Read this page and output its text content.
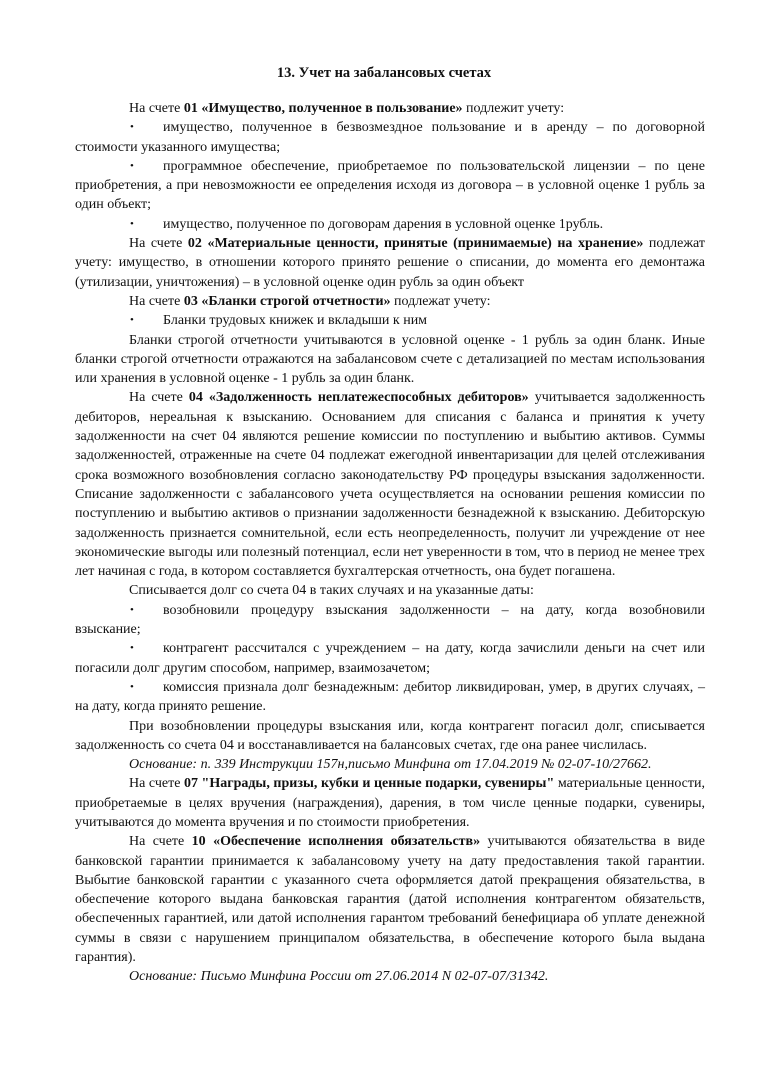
13. Учет на забалансовых счетах

На счете 01 «Имущество, полученное в пользование» подлежит учету:

• имущество, полученное в безвозмездное пользование и в аренду – по договорной стоимости указанного имущества;

• программное обеспечение, приобретаемое по пользовательской лицензии – по цене приобретения, а при невозможности ее определения исходя из договора – в условной оценке 1 рубль за один объект;

• имущество, полученное по договорам дарения в условной оценке 1рубль.

На счете 02 «Материальные ценности, принятые (принимаемые) на хранение» подлежат учету: имущество, в отношении которого принято решение о списании, до момента его демонтажа (утилизации, уничтожения) – в условной оценке один рубль за один объект

На счете 03 «Бланки строгой отчетности» подлежат учету:

• Бланки трудовых книжек и вкладыши к ним

Бланки строгой отчетности учитываются в условной оценке - 1 рубль за один бланк. Иные бланки строгой отчетности отражаются на забалансовом счете с детализацией по местам использования или хранения в условной оценке - 1 рубль за один бланк.

На счете 04 «Задолженность неплатежеспособных дебиторов» учитывается задолженность дебиторов, нереальная к взысканию. Основанием для списания с баланса и принятия к учету задолженности на счет 04 являются решение комиссии по поступлению и выбытию активов. Суммы задолженностей, отраженные на счете 04 подлежат ежегодной инвентаризации для целей отслеживания срока возможного возобновления согласно законодательству РФ процедуры взыскания задолженности. Списание задолженности с забалансового учета осуществляется на основании решения комиссии по поступлению и выбытию активов о признании задолженности безнадежной к взысканию. Дебиторскую задолженность признается сомнительной, если есть неопределенность, получит ли учреждение от нее экономические выгоды или полезный потенциал, если нет уверенности в том, что в период не менее трех лет начиная с года, в котором составляется бухгалтерская отчетность, она будет погашена.

Списывается долг со счета 04 в таких случаях и на указанные даты:

• возобновили процедуру взыскания задолженности – на дату, когда возобновили взыскание;

• контрагент рассчитался с учреждением – на дату, когда зачислили деньги на счет или погасили долг другим способом, например, взаимозачетом;

• комиссия признала долг безнадежным: дебитор ликвидирован, умер, в других случаях, – на дату, когда принято решение.

При возобновлении процедуры взыскания или, когда контрагент погасил долг, списывается задолженность со счета 04 и восстанавливается на балансовых счетах, где она ранее числилась.

Основание: п. 339 Инструкции 157н,письмо Минфина от 17.04.2019 № 02-07-10/27662.

На счете 07 "Награды, призы, кубки и ценные подарки, сувениры" материальные ценности, приобретаемые в целях вручения (награждения), дарения, в том числе ценные подарки, сувениры, учитываются до момента вручения и по стоимости приобретения.

На счете 10 «Обеспечение исполнения обязательств» учитываются обязательства в виде банковской гарантии принимается к забалансовому учету на дату предоставления такой гарантии. Выбытие банковской гарантии с указанного счета оформляется датой прекращения обязательства, в обеспечение которого выдана банковская гарантия (датой исполнения контрагентом обязательств, обеспеченных гарантией, или датой исполнения гарантом требований бенефициара об уплате денежной суммы в связи с нарушением принципалом обязательства, в обеспечение которого была выдана гарантия).

Основание: Письмо Минфина России от 27.06.2014 N 02-07-07/31342.
